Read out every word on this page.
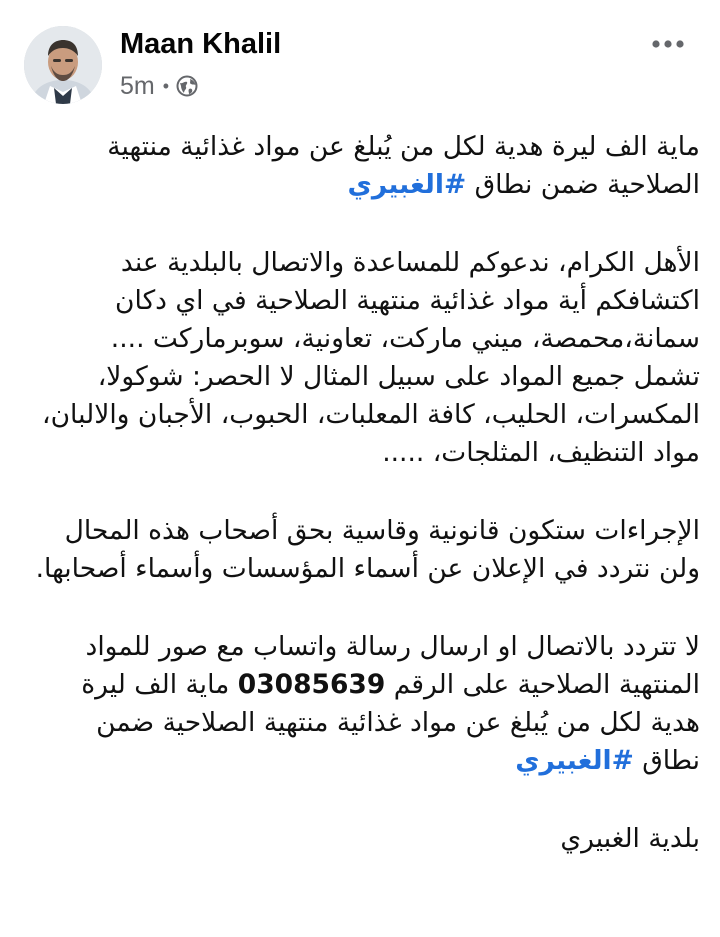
Maan Khalil
5m •
ماية الف ليرة هدية لكل من يُبلغ عن مواد غذائية منتهية
الصلاحية ضمن نطاق #الغبيري
الأهل الكرام، ندعوكم للمساعدة والاتصال بالبلدية عند
اكتشافكم أية مواد غذائية منتهية الصلاحية في اي دكان
سمانة،محمصة، ميني ماركت، تعاونية، سوبرماركت ....
تشمل جميع المواد على سبيل المثال لا الحصر: شوكولا،
المكسرات، الحليب، كافة المعلبات، الحبوب، الأجبان والالبان،
مواد التنظيف، المثلجات، .....
الإجراءات ستكون قانونية وقاسية بحق أصحاب هذه المحال
ولن نتردد في الإعلان عن أسماء المؤسسات وأسماء أصحابها.
لا تتردد بالاتصال او ارسال رسالة واتساب مع صور للمواد
المنتهية الصلاحية على الرقم 03085639 ماية الف ليرة
هدية لكل من يُبلغ عن مواد غذائية منتهية الصلاحية ضمن
نطاق #الغبيري
بلدية الغبيري
